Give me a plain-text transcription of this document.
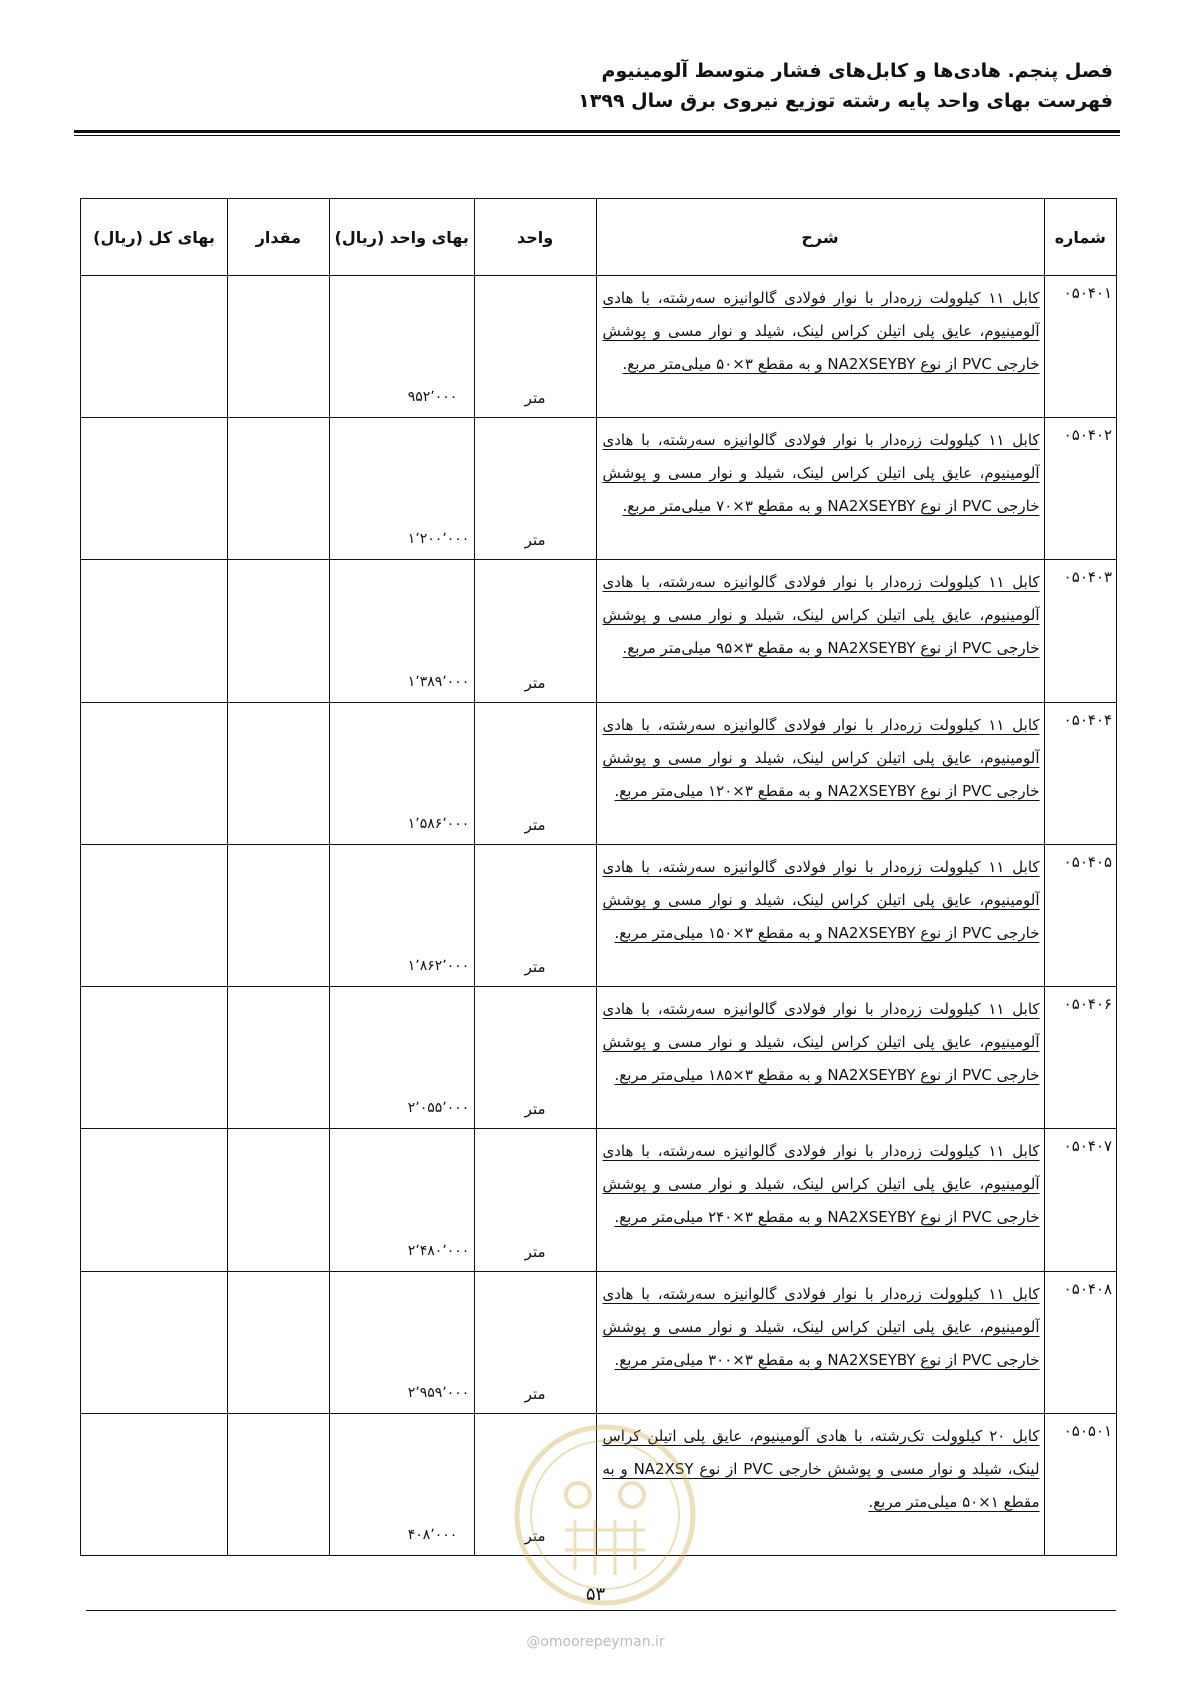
فصل پنجم. هادی‌ها و کابل‌های فشار متوسط آلومینیوم
فهرست بهای واحد پایه رشته توزیع نیروی برق سال ۱۳۹۹
شماره	شرح	واحد	بهای واحد (ریال)	مقدار	بهای کل (ریال)
۰۵۰۴۰۱	کابل ۱۱ کیلوولت زره‌دار با نوار فولادی گالوانیزه سه‌رشته، با هادی آلومینیوم، عایق پلی اتیلن کراس لینک، شیلد و نوار مسی و پوشش خارجی PVC از نوع NA2XSEYBY و به مقطع ۳×۵۰ میلی‌متر مربع.	متر	۹۵۲٬۰۰۰		
۰۵۰۴۰۲	کابل ۱۱ کیلوولت زره‌دار با نوار فولادی گالوانیزه سه‌رشته، با هادی آلومینیوم، عایق پلی اتیلن کراس لینک، شیلد و نوار مسی و پوشش خارجی PVC از نوع NA2XSEYBY و به مقطع ۳×۷۰ میلی‌متر مربع.	متر	۱٬۲۰۰٬۰۰۰		
۰۵۰۴۰۳	کابل ۱۱ کیلوولت زره‌دار با نوار فولادی گالوانیزه سه‌رشته، با هادی آلومینیوم، عایق پلی اتیلن کراس لینک، شیلد و نوار مسی و پوشش خارجی PVC از نوع NA2XSEYBY و به مقطع ۳×۹۵ میلی‌متر مربع.	متر	۱٬۳۸۹٬۰۰۰		
۰۵۰۴۰۴	کابل ۱۱ کیلوولت زره‌دار با نوار فولادی گالوانیزه سه‌رشته، با هادی آلومینیوم، عایق پلی اتیلن کراس لینک، شیلد و نوار مسی و پوشش خارجی PVC از نوع NA2XSEYBY و به مقطع ۳×۱۲۰ میلی‌متر مربع.	متر	۱٬۵۸۶٬۰۰۰		
۰۵۰۴۰۵	کابل ۱۱ کیلوولت زره‌دار با نوار فولادی گالوانیزه سه‌رشته، با هادی آلومینیوم، عایق پلی اتیلن کراس لینک، شیلد و نوار مسی و پوشش خارجی PVC از نوع NA2XSEYBY و به مقطع ۳×۱۵۰ میلی‌متر مربع.	متر	۱٬۸۶۲٬۰۰۰		
۰۵۰۴۰۶	کابل ۱۱ کیلوولت زره‌دار با نوار فولادی گالوانیزه سه‌رشته، با هادی آلومینیوم، عایق پلی اتیلن کراس لینک، شیلد و نوار مسی و پوشش خارجی PVC از نوع NA2XSEYBY و به مقطع ۳×۱۸۵ میلی‌متر مربع.	متر	۲٬۰۵۵٬۰۰۰		
۰۵۰۴۰۷	کابل ۱۱ کیلوولت زره‌دار با نوار فولادی گالوانیزه سه‌رشته، با هادی آلومینیوم، عایق پلی اتیلن کراس لینک، شیلد و نوار مسی و پوشش خارجی PVC از نوع NA2XSEYBY و به مقطع ۳×۲۴۰ میلی‌متر مربع.	متر	۲٬۴۸۰٬۰۰۰		
۰۵۰۴۰۸	کابل ۱۱ کیلوولت زره‌دار با نوار فولادی گالوانیزه سه‌رشته، با هادی آلومینیوم، عایق پلی اتیلن کراس لینک، شیلد و نوار مسی و پوشش خارجی PVC از نوع NA2XSEYBY و به مقطع ۳×۳۰۰ میلی‌متر مربع.	متر	۲٬۹۵۹٬۰۰۰		
۰۵۰۵۰۱	کابل ۲۰ کیلوولت تک‌رشته، با هادی آلومینیوم، عایق پلی اتیلن کراس لینک، شیلد و نوار مسی و پوشش خارجی PVC از نوع NA2XSY و به مقطع ۱×۵۰ میلی‌متر مربع.	متر	۴۰۸٬۰۰۰		
۵۳
@omoorepeyman.ir
